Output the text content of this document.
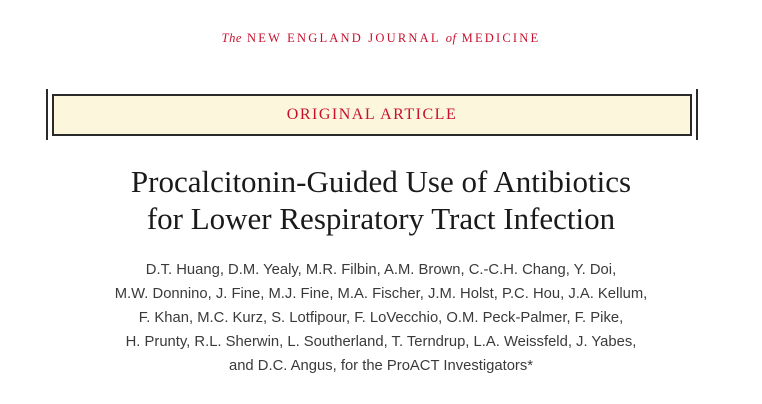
The NEW ENGLAND JOURNAL of MEDICINE
ORIGINAL ARTICLE
Procalcitonin-Guided Use of Antibiotics
for Lower Respiratory Tract Infection
D.T. Huang, D.M. Yealy, M.R. Filbin, A.M. Brown, C.-C.H. Chang, Y. Doi,
M.W. Donnino, J. Fine, M.J. Fine, M.A. Fischer, J.M. Holst, P.C. Hou, J.A. Kellum,
F. Khan, M.C. Kurz, S. Lotfipour, F. LoVecchio, O.M. Peck-Palmer, F. Pike,
H. Prunty, R.L. Sherwin, L. Southerland, T. Terndrup, L.A. Weissfeld, J. Yabes,
and D.C. Angus, for the ProACT Investigators*
